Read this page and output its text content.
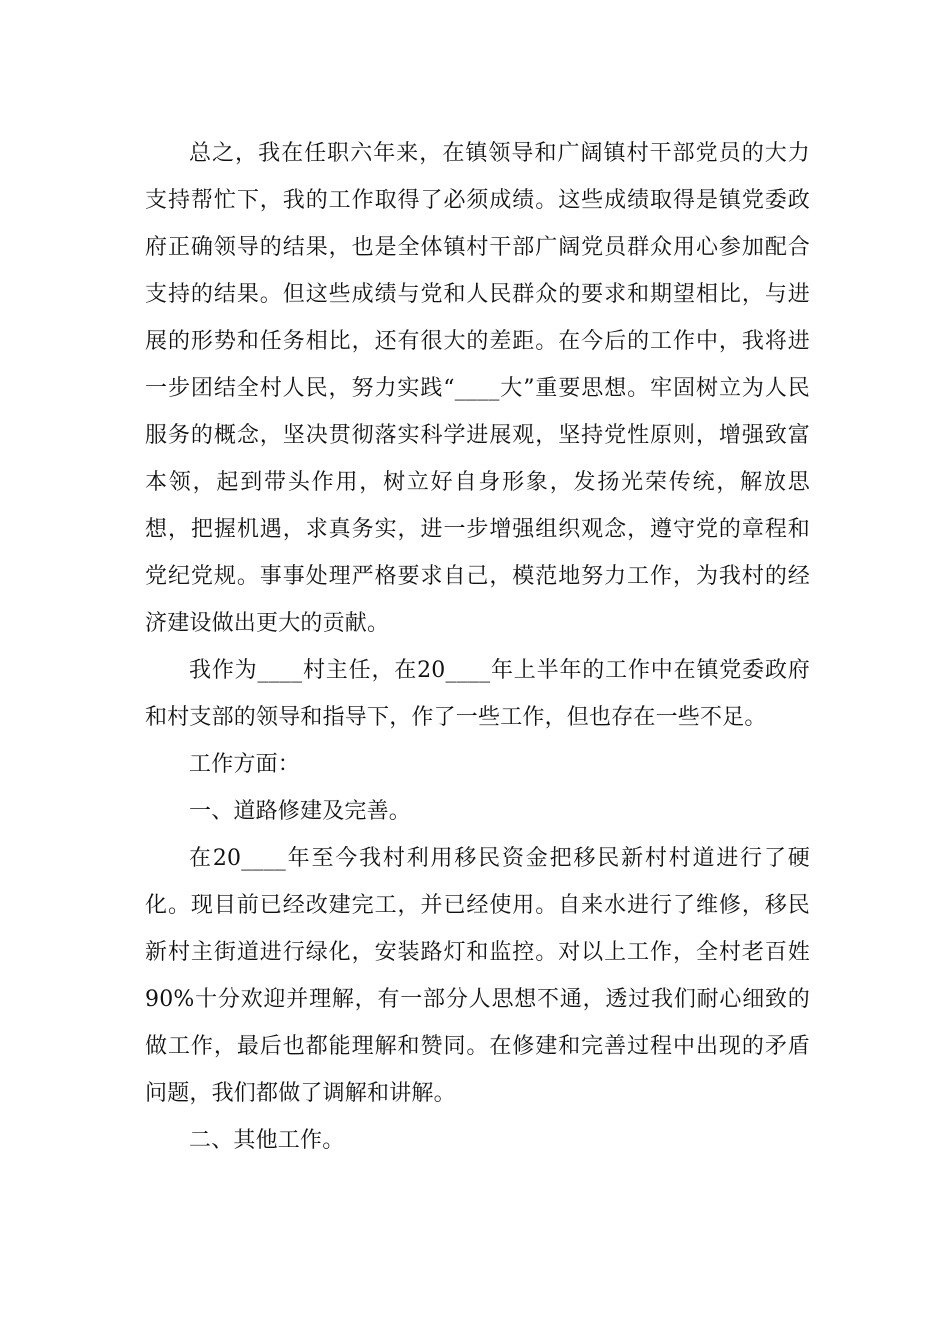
总之，我在任职六年来，在镇领导和广阔镇村干部党员的大力支持帮忙下，我的工作取得了必须成绩。这些成绩取得是镇党委政府正确领导的结果，也是全体镇村干部广阔党员群众用心参加配合支持的结果。但这些成绩与党和人民群众的要求和期望相比，与进展的形势和任务相比，还有很大的差距。在今后的工作中，我将进一步团结全村人民，努力实践“____大”重要思想。牢固树立为人民服务的概念，坚决贯彻落实科学进展观，坚持党性原则，增强致富本领，起到带头作用，树立好自身形象，发扬光荣传统，解放思想，把握机遇，求真务实，进一步增强组织观念，遵守党的章程和党纪党规。事事处理严格要求自己，模范地努力工作，为我村的经济建设做出更大的贡献。

我作为____村主任，在20____年上半年的工作中在镇党委政府和村支部的领导和指导下，作了一些工作，但也存在一些不足。

工作方面：

一、道路修建及完善。

在20____年至今我村利用移民资金把移民新村村道进行了硬化。现目前已经改建完工，并已经使用。自来水进行了维修，移民新村主街道进行绿化，安装路灯和监控。对以上工作，全村老百姓90%十分欢迎并理解，有一部分人思想不通，透过我们耐心细致的做工作，最后也都能理解和赞同。在修建和完善过程中出现的矛盾问题，我们都做了调解和讲解。

二、其他工作。
